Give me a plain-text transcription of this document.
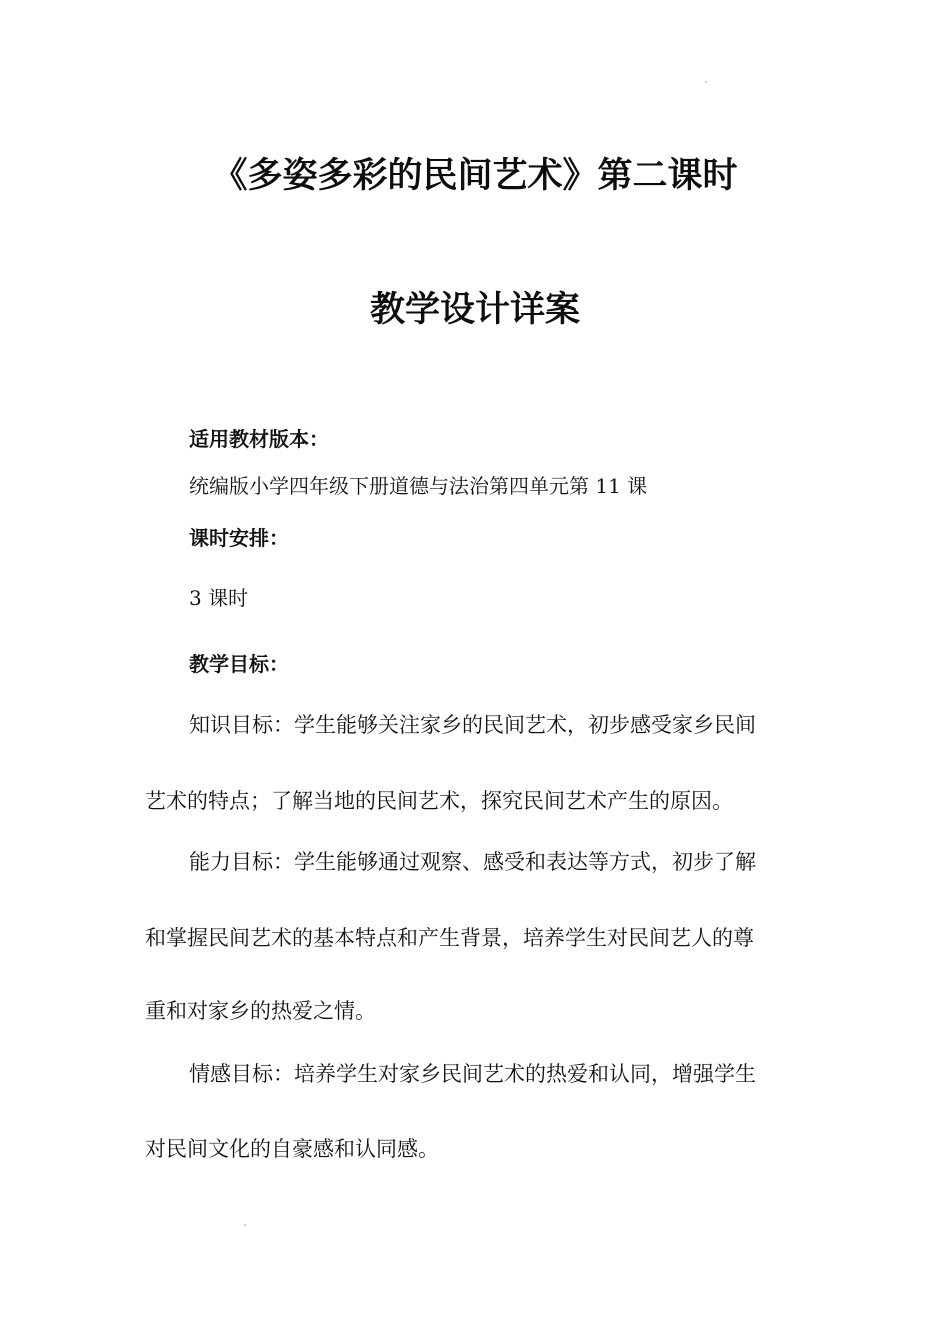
《多姿多彩的民间艺术》第二课时
教学设计详案
适用教材版本：
统编版小学四年级下册道德与法治第四单元第 11 课
课时安排：
3 课时
教学目标：
知识目标：学生能够关注家乡的民间艺术，初步感受家乡民间
艺术的特点；了解当地的民间艺术，探究民间艺术产生的原因。
能力目标：学生能够通过观察、感受和表达等方式，初步了解
和掌握民间艺术的基本特点和产生背景，培养学生对民间艺人的尊
重和对家乡的热爱之情。
情感目标：培养学生对家乡民间艺术的热爱和认同，增强学生
对民间文化的自豪感和认同感。
